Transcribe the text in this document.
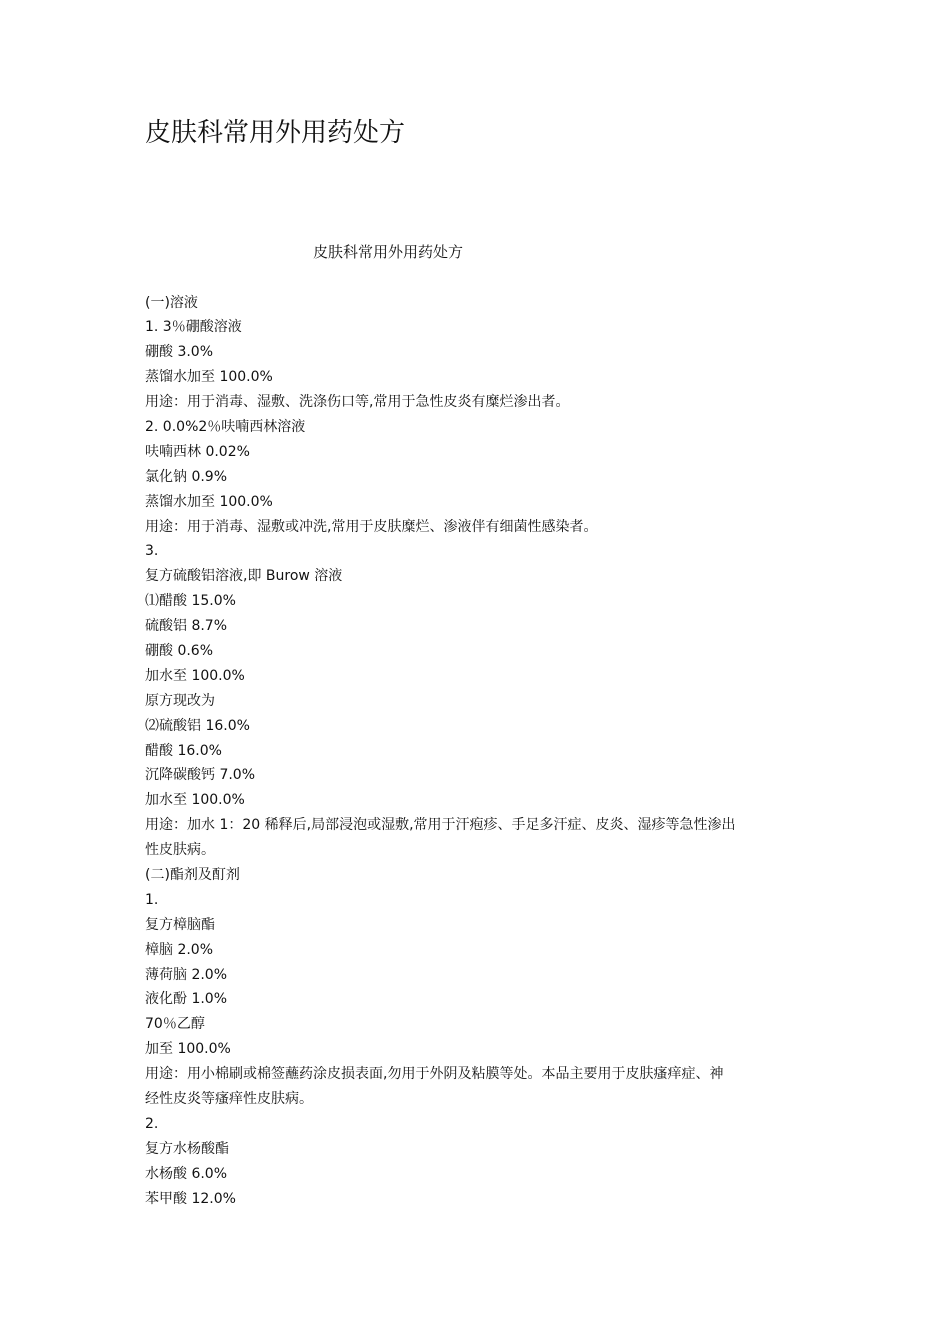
皮肤科常用外用药处方
皮肤科常用外用药处方
(一)溶液
1. 3％硼酸溶液
硼酸 3.0%
蒸馏水加至 100.0%
用途：用于消毒、湿敷、洗涤伤口等,常用于急性皮炎有糜烂渗出者。
2. 0.0%2％呋喃西林溶液
呋喃西林 0.02%
氯化钠 0.9%
蒸馏水加至 100.0%
用途：用于消毒、湿敷或冲洗,常用于皮肤糜烂、渗液伴有细菌性感染者。
3.
复方硫酸铝溶液,即 Burow 溶液
⑴醋酸 15.0%
硫酸铝 8.7%
硼酸 0.6%
加水至 100.0%
原方现改为
⑵硫酸铝 16.0%
醋酸 16.0%
沉降碳酸钙 7.0%
加水至 100.0%
用途：加水 1：20 稀释后,局部浸泡或湿敷,常用于汗疱疹、手足多汗症、皮炎、湿疹等急性渗出
性皮肤病。
(二)酯剂及酊剂
1.
复方樟脑酯
樟脑 2.0%
薄荷脑 2.0%
液化酚 1.0%
70％乙醇
加至 100.0%
用途：用小棉刷或棉签蘸药涂皮损表面,勿用于外阴及粘膜等处。本品主要用于皮肤瘙痒症、神
经性皮炎等瘙痒性皮肤病。
2.
复方水杨酸酯
水杨酸 6.0%
苯甲酸 12.0%
